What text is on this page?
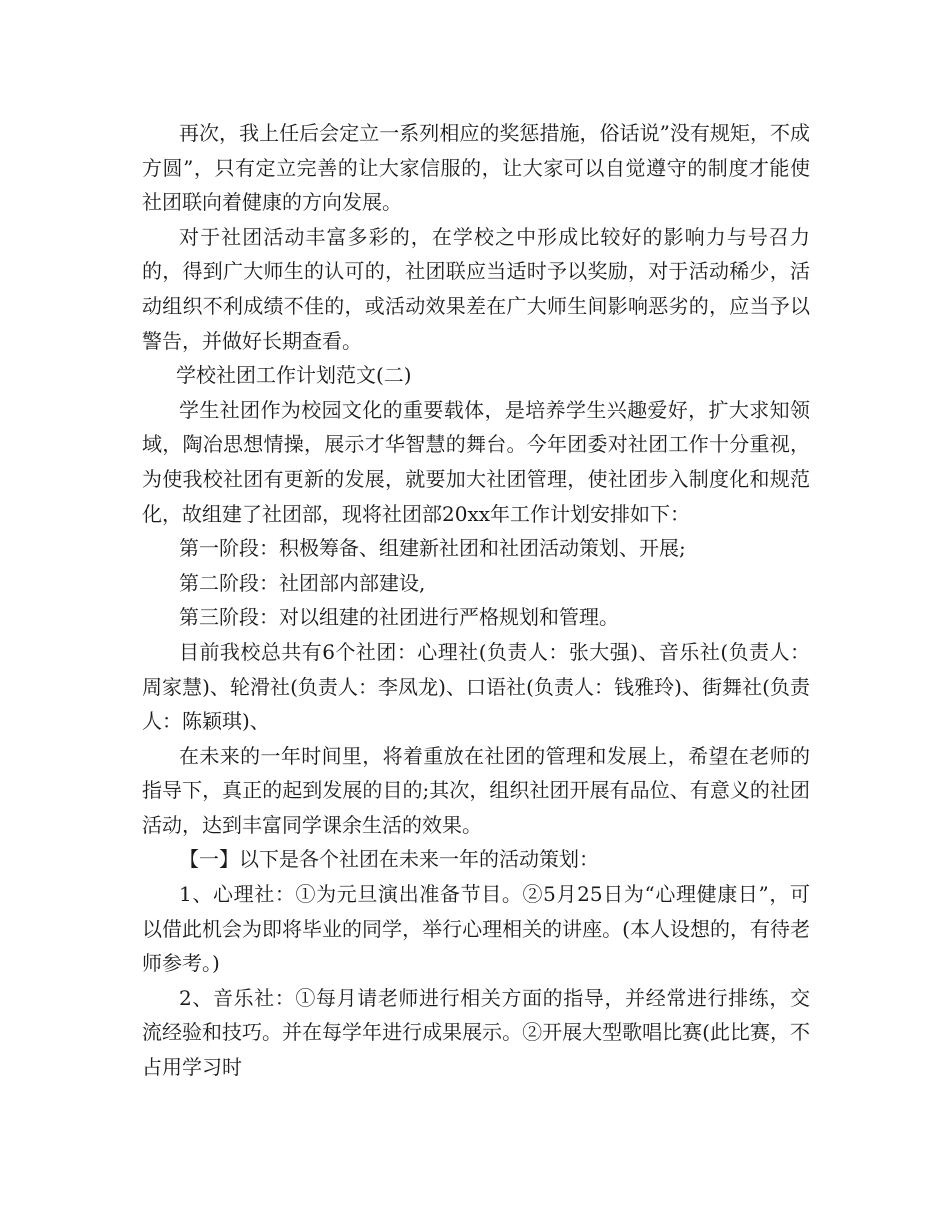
再次，我上任后会定立一系列相应的奖惩措施，俗话说”没有规矩，不成方圆”，只有定立完善的让大家信服的，让大家可以自觉遵守的制度才能使社团联向着健康的方向发展。

对于社团活动丰富多彩的，在学校之中形成比较好的影响力与号召力的，得到广大师生的认可的，社团联应当适时予以奖励，对于活动稀少，活动组织不利成绩不佳的，或活动效果差在广大师生间影响恶劣的，应当予以警告，并做好长期查看。

学校社团工作计划范文(二)

学生社团作为校园文化的重要载体，是培养学生兴趣爱好，扩大求知领域，陶冶思想情操，展示才华智慧的舞台。今年团委对社团工作十分重视，为使我校社团有更新的发展，就要加大社团管理，使社团步入制度化和规范化，故组建了社团部，现将社团部20xx年工作计划安排如下：

第一阶段：积极筹备、组建新社团和社团活动策划、开展;

第二阶段：社团部内部建设,

第三阶段：对以组建的社团进行严格规划和管理。

目前我校总共有6个社团：心理社(负责人：张大强)、音乐社(负责人：周家慧)、轮滑社(负责人：李凤龙)、口语社(负责人：钱雅玲)、街舞社(负责人：陈颖琪)、

在未来的一年时间里，将着重放在社团的管理和发展上，希望在老师的指导下，真正的起到发展的目的;其次，组织社团开展有品位、有意义的社团活动，达到丰富同学课余生活的效果。

【一】以下是各个社团在未来一年的活动策划：

1、心理社：①为元旦演出准备节目。②5月25日为“心理健康日”，可以借此机会为即将毕业的同学，举行心理相关的讲座。(本人设想的，有待老师参考。)

2、音乐社：①每月请老师进行相关方面的指导，并经常进行排练，交流经验和技巧。并在每学年进行成果展示。②开展大型歌唱比赛(此比赛，不占用学习时
